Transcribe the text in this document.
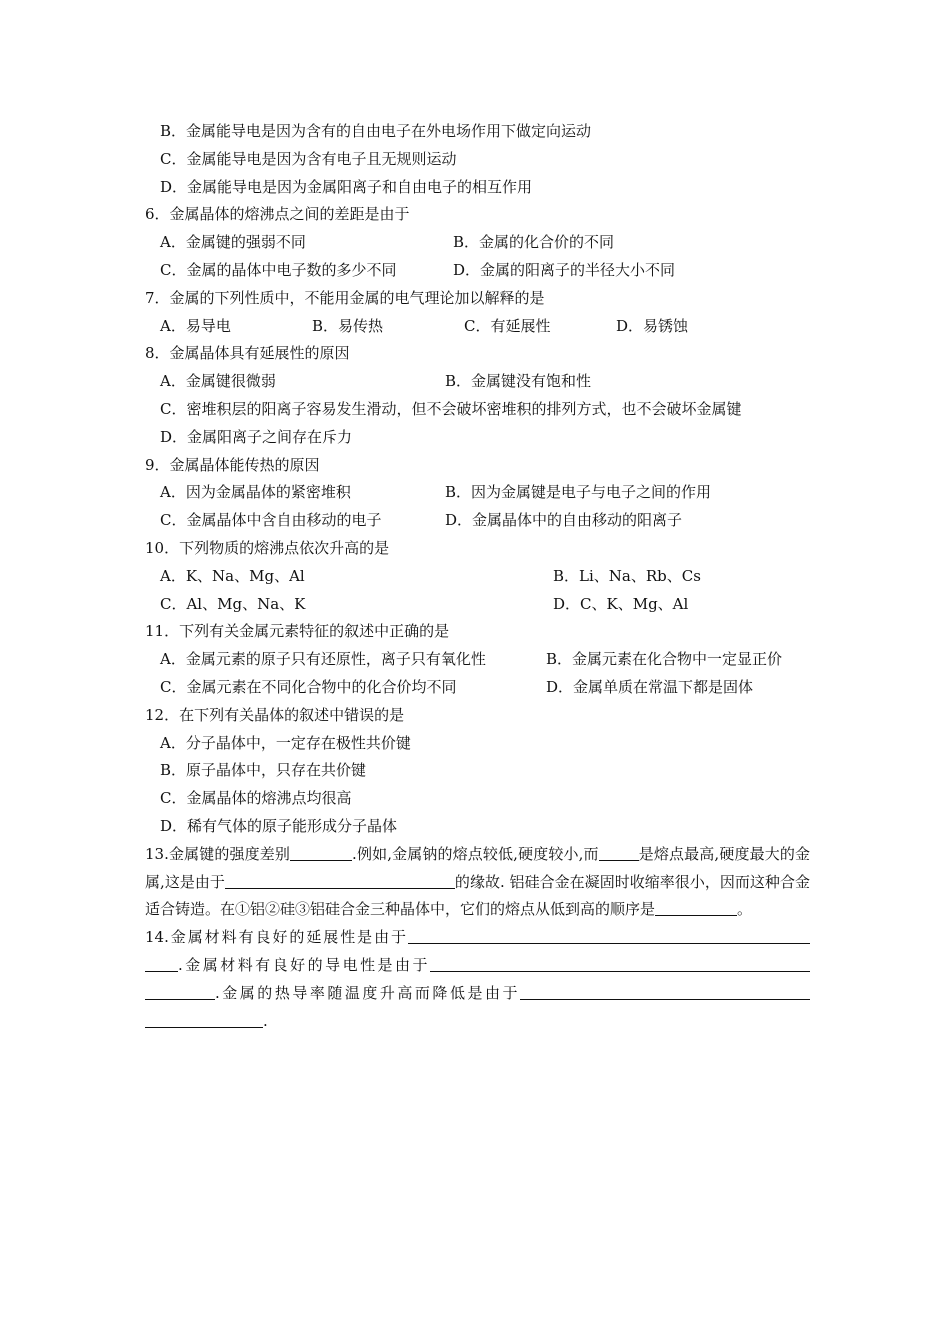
B．金属能导电是因为含有的自由电子在外电场作用下做定向运动
C．金属能导电是因为含有电子且无规则运动
D．金属能导电是因为金属阳离子和自由电子的相互作用
6．金属晶体的熔沸点之间的差距是由于
A．金属键的强弱不同	B．金属的化合价的不同
C．金属的晶体中电子数的多少不同	D．金属的阳离子的半径大小不同
7．金属的下列性质中，不能用金属的电气理论加以解释的是
A．易导电	B．易传热	C．有延展性	D．易锈蚀
8．金属晶体具有延展性的原因
A．金属键很微弱	B．金属键没有饱和性
C．密堆积层的阳离子容易发生滑动，但不会破坏密堆积的排列方式，也不会破坏金属键
D．金属阳离子之间存在斥力
9．金属晶体能传热的原因
A．因为金属晶体的紧密堆积	B．因为金属键是电子与电子之间的作用
C．金属晶体中含自由移动的电子	D．金属晶体中的自由移动的阳离子
10．下列物质的熔沸点依次升高的是
A．K、Na、Mg、Al	B．Li、Na、Rb、Cs
C．Al、Mg、Na、K	D．C、K、Mg、Al
11．下列有关金属元素特征的叙述中正确的是
A．金属元素的原子只有还原性，离子只有氧化性	B．金属元素在化合物中一定显正价
C．金属元素在不同化合物中的化合价均不同	D．金属单质在常温下都是固体
12．在下列有关晶体的叙述中错误的是
A．分子晶体中，一定存在极性共价键
B．原子晶体中，只存在共价键
C．金属晶体的熔沸点均很高
D．稀有气体的原子能形成分子晶体
13.金属键的强度差别	.例如,金属钠的熔点较低,硬度较小,而	是熔点最高,硬度最大的金属,这是由于	的缘故. 铝硅合金在凝固时收缩率很小，因而这种合金适合铸造。在①铝②硅③铝硅合金三种晶体中，它们的熔点从低到高的顺序是	。
14.金属材料有良好的延展性是由于.金属材料有良好的导电性是由于.金属的热导率随温度升高而降低是由于.
